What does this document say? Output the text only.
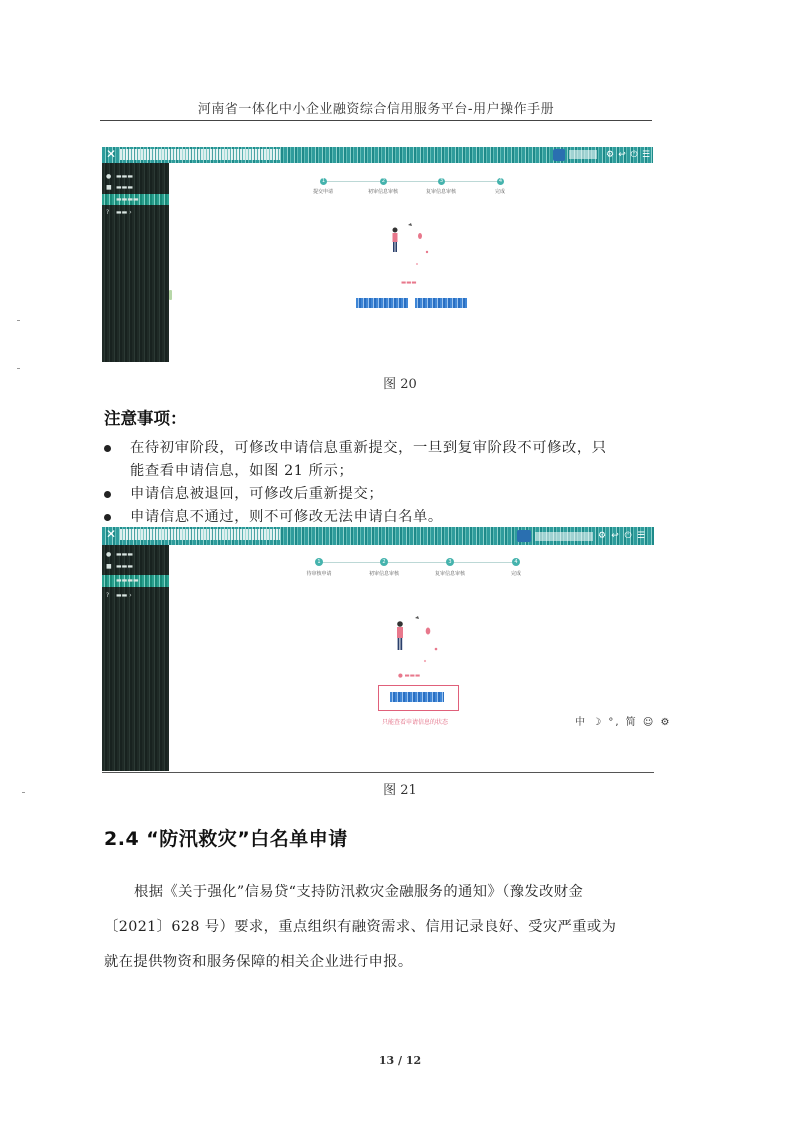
河南省一体化中小企业融资综合信用服务平台-用户操作手册
✕	⚙ ↩ ⏻ ☰
● ▬▬▬
■ ▬▬▬
▬▬▬▬
? ▬▬ ›
1	2	3	4
提交申请	初审信息审核	复审信息审核	完成
▬▬▬
图 20
注意事项：
在待初审阶段，可修改申请信息重新提交，一旦到复审阶段不可修改，只
能查看申请信息，如图 21 所示；
申请信息被退回，可修改后重新提交；
申请信息不通过，则不可修改无法申请白名单。
✕	⚙ ↩ ⏻ ☰
● ▬▬▬
■ ▬▬▬
▬▬▬▬
? ▬▬ ›
1	2	3	4
待审核申请	初审信息审核	复审信息审核	完成
● ▬▬▬
只能查看申请信息的状态	中 ☽ °, 简 ☺ ⚙
图 21
2.4 “防汛救灾”白名单申请
根据《关于强化”信易贷“支持防汛救灾金融服务的通知》（豫发改财金
〔2021〕628 号）要求，重点组织有融资需求、信用记录良好、受灾严重或为
就在提供物资和服务保障的相关企业进行申报。
13 / 12
